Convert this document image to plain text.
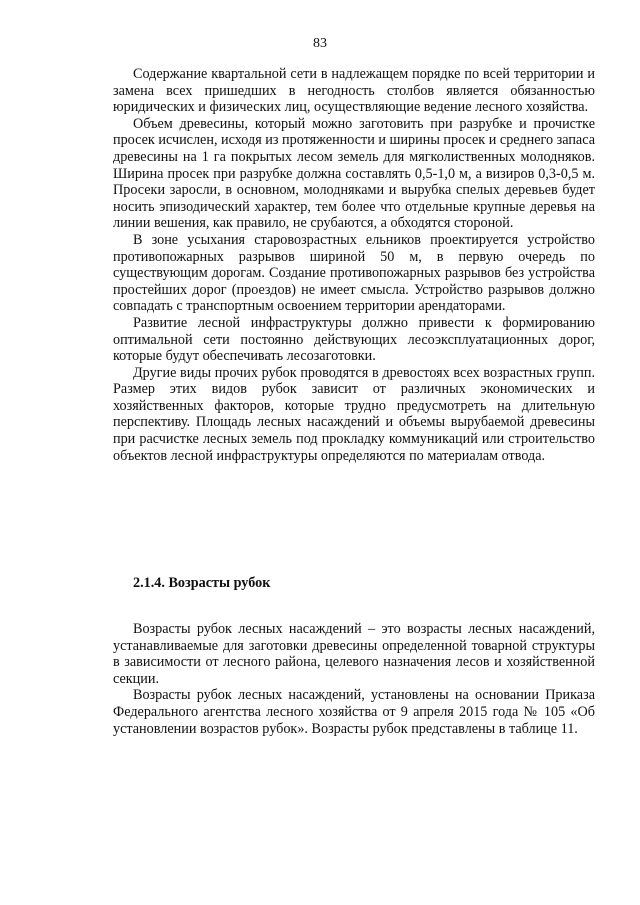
83

Содержание квартальной сети в надлежащем порядке по всей территории и замена всех пришедших в негодность столбов является обязанностью юридических и физических лиц, осуществляющие ведение лесного хозяйства.

Объем древесины, который можно заготовить при разрубке и прочистке просек исчислен, исходя из протяженности и ширины просек и среднего запаса древесины на 1 га покрытых лесом земель для мягколиственных молодняков. Ширина просек при разрубке должна составлять 0,5-1,0 м, а визиров 0,3-0,5 м. Просеки заросли, в основном, молодняками и вырубка спелых деревьев будет носить эпизодический характер, тем более что отдельные крупные деревья на линии вешения, как правило, не срубаются, а обходятся стороной.

В зоне усыхания старовозрастных ельников проектируется устройство противопожарных разрывов шириной 50 м, в первую очередь по существующим дорогам. Создание противопожарных разрывов без устройства простейших дорог (проездов) не имеет смысла. Устройство разрывов должно совпадать с транспортным освоением территории арендаторами.

Развитие лесной инфраструктуры должно привести к формированию оптимальной сети постоянно действующих лесоэксплуатационных дорог, которые будут обеспечивать лесозаготовки.

Другие виды прочих рубок проводятся в древостоях всех возрастных групп. Размер этих видов рубок зависит от различных экономических и хозяйственных факторов, которые трудно предусмотреть на длительную перспективу. Площадь лесных насаждений и объемы вырубаемой древесины при расчистке лесных земель под прокладку коммуникаций или строительство объектов лесной инфраструктуры определяются по материалам отвода.

2.1.4. Возрасты рубок

Возрасты рубок лесных насаждений – это возрасты лесных насаждений, устанавливаемые для заготовки древесины определенной товарной структуры в зависимости от лесного района, целевого назначения лесов и хозяйственной секции.

Возрасты рубок лесных насаждений, установлены на основании Приказа Федерального агентства лесного хозяйства от 9 апреля 2015 года № 105 «Об установлении возрастов рубок». Возрасты рубок представлены в таблице 11.
